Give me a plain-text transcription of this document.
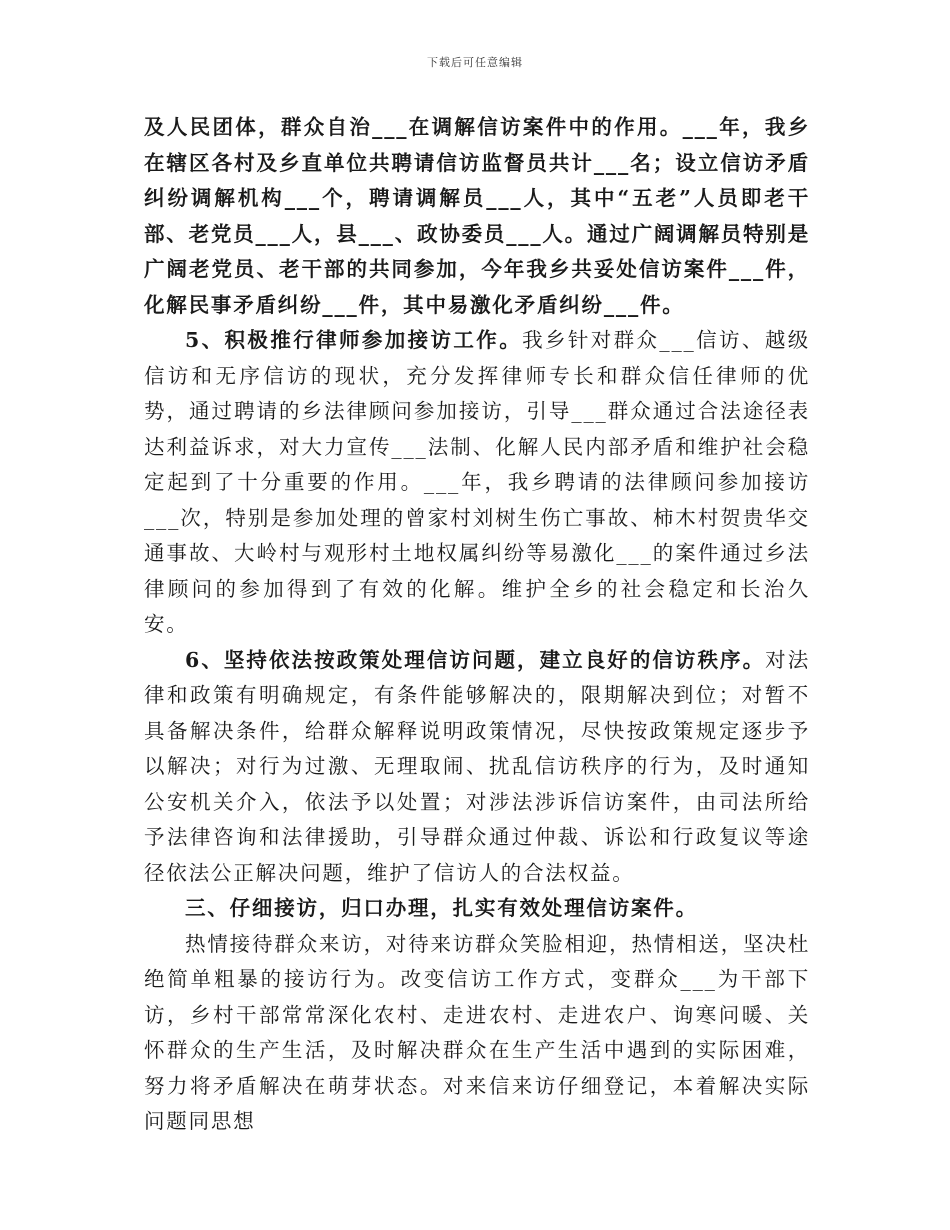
下载后可任意编辑

及人民团体，群众自治___在调解信访案件中的作用。___年，我乡在辖区各村及乡直单位共聘请信访监督员共计___名；设立信访矛盾纠纷调解机构___个，聘请调解员___人，其中“五老”人员即老干部、老党员___人，县___、政协委员___人。通过广阔调解员特别是广阔老党员、老干部的共同参加，今年我乡共妥处信访案件___件，化解民事矛盾纠纷___件，其中易激化矛盾纠纷___件。

5、积极推行律师参加接访工作。我乡针对群众___信访、越级信访和无序信访的现状，充分发挥律师专长和群众信任律师的优势，通过聘请的乡法律顾问参加接访，引导___群众通过合法途径表达利益诉求，对大力宣传___法制、化解人民内部矛盾和维护社会稳定起到了十分重要的作用。___年，我乡聘请的法律顾问参加接访___次，特别是参加处理的曾家村刘树生伤亡事故、柿木村贺贵华交通事故、大岭村与观形村土地权属纠纷等易激化___的案件通过乡法律顾问的参加得到了有效的化解。维护全乡的社会稳定和长治久安。

6、坚持依法按政策处理信访问题，建立良好的信访秩序。对法律和政策有明确规定，有条件能够解决的，限期解决到位；对暂不具备解决条件，给群众解释说明政策情况，尽快按政策规定逐步予以解决；对行为过激、无理取闹、扰乱信访秩序的行为，及时通知公安机关介入，依法予以处置；对涉法涉诉信访案件，由司法所给予法律咨询和法律援助，引导群众通过仲裁、诉讼和行政复议等途径依法公正解决问题，维护了信访人的合法权益。

三、仔细接访，归口办理，扎实有效处理信访案件。

热情接待群众来访，对待来访群众笑脸相迎，热情相送，坚决杜绝简单粗暴的接访行为。改变信访工作方式，变群众___为干部下访，乡村干部常常深化农村、走进农村、走进农户、询寒问暖、关怀群众的生产生活，及时解决群众在生产生活中遇到的实际困难，努力将矛盾解决在萌芽状态。对来信来访仔细登记，本着解决实际问题同思想
